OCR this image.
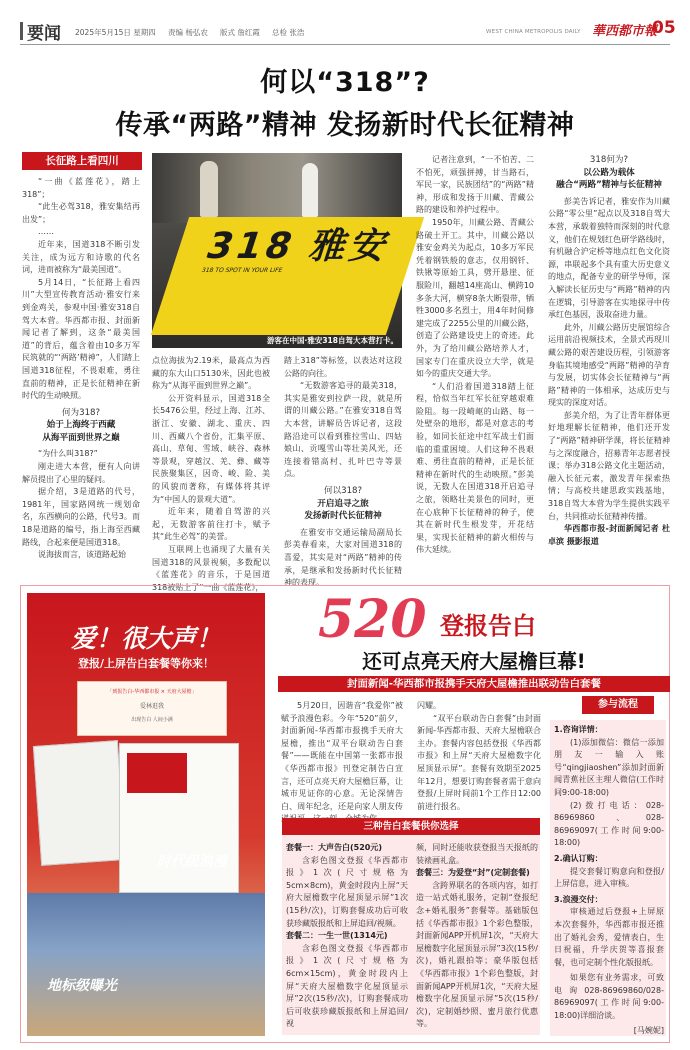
要闻 2025年5月15日 星期四 责编 杨弘农 版式 詹红霞 总检 张浩	WEST CHINA METROPOLIS DAILY 華西都市報
05
何以“318”?
传承“两路”精神 发扬新时代长征精神
长征路上看四川

“一曲《蓝莲花》，踏上318”；

“此生必驾318，雅安集结再出发”；

……

近年来，国道318不断引发关注，成为远方和诗歌的代名词，进而被称为“最美国道”。

5月14日，“长征路上看四川”大型宣传教育活动·雅安行来到金鸡关，参观中国·雅安318自驾大本营。华西都市报、封面新闻记者了解到，这条“最美国道”的背后，蕴含着由10多万军民筑就的“‘两路’精神”，人们踏上国道318征程，不畏艰难，勇往直前的精神，正是长征精神在新时代的生动映照。

何为318?
始于上海终于西藏
从海平面到世界之巅

“为什么叫318?”

刚走进大本营，便有人向讲解员提出了心里的疑问。

据介绍，3是道路的代号，1981年，国家路网统一规划命名，东西横向的公路，代号3。而18是道路的编号，指上海至西藏路线，合起来便是国道318。

说海拔而言，该道路起始

318 雅安
318 TO SPOT IN YOUR LIFE
游客在中国·雅安318自驾大本营打卡。

点位海拔为2.19米，最高点为西藏的东大山口5130米，因此也被称为“从海平面到世界之巅”。

公开资料显示，国道318全长5476公里，经过上海、江苏、浙江、安徽、湖北、重庆、四川、西藏八个省份，汇集平原、高山、草甸、雪域、峡谷、森林等景观，穿越汉、羌、彝、藏等民族聚集区，因奇、峻、险、美的风貌而著称，有媒体将其评为“中国人的景观大道”。

近年来，随着自驾游的兴起，无数游客前往打卡，赋予其“此生必驾”的美誉。

互联网上也涌现了大量有关国道318的风景视频，多数配以《蓝莲花》的音乐，于是国道318被贴上了“一曲《蓝莲花》，

踏上318”等标签，以表达对这段公路的向往。

“无数游客追寻的最美318，其实是雅安到拉萨一段，就是所谓的川藏公路。”在雅安318自驾大本营，讲解员告诉记者，这段路沿途可以看到雅拉雪山、四姑娘山、贡嘎雪山等壮美风光，还连接着错高村、扎叶巴寺等景点。

何以318?
开启追寻之旅
发扬新时代长征精神

在雅安市交通运输局副局长彭美春看来，大家对国道318的喜爱，其实是对“两路”精神的传承，是继承和发扬新时代长征精神的表现。

记者注意到，“一不怕苦、二不怕死，顽强拼搏，甘当路石，军民一家，民族团结”的“两路”精神，形成和发扬于川藏、青藏公路的建设和养护过程中。

1950年，川藏公路、青藏公路破土开工。其中，川藏公路以雅安金鸡关为起点，10多万军民凭着钢铁般的意志，仅用钢钎、铁锹等原始工具，劈开悬崖、征服险川，翻越14座高山、横跨10多条大河，横穿8条大断裂带，牺牲3000多名烈士，用4年时间修建完成了2255公里的川藏公路，创造了公路建设史上的奇迹。此外，为了给川藏公路培养人才，国家专门在重庆设立大学，就是如今的重庆交通大学。

“人们沿着国道318踏上征程，恰似当年红军长征穿越艰难险阻。每一段崎岖的山路、每一处壁杂的地形，都是对意志的考验，如同长征途中红军战士们面临的重重困境。人们这种不畏艰难、勇往直前的精神，正是长征精神在新时代的生动映照。”彭美说，无数人在国道318开启追寻之旅，领略壮美景色的同时，更在心底种下长征精神的种子，使其在新时代生根发芽，开花结果，实现长征精神的薪火相传与伟大延续。

318何为?
以公路为载体
融合“两路”精神与长征精神

彭美告诉记者，雅安作为川藏公路“零公里”起点以及318自驾大本营，承载着独特而深刻的时代意义，他们在规划红色研学路线时，有机融合沪定桥等地点红色文化资源，串联起多个具有重大历史意义的地点，配备专业的研学导师，深入解读长征历史与“两路”精神的内在逻辑，引导游客在实地探寻中传承红色基因，汲取奋进力量。

此外，川藏公路历史展馆综合运用前沿视频技术，全景式再现川藏公路的艰苦建设历程，引领游客身临其境地感受“两路”精神的孕育与发展，切实体会长征精神与“两路”精神的一体相承，达成历史与现实的深度对话。

彭美介绍，为了让青年群体更好地理解长征精神，他们还开发了“两路”精神研学课，将长征精神与之深度融合，招募青年志愿者授课；举办318公路文化主题活动，融入长征元素，激发青年探索热情；与高校共建思政实践基地，318自驾大本营为学生提供实践平台，共同推动长征精神传播。

华西都市报-封面新闻记者 杜卓滨 摄影报道

爱！很大声！
登报/上屏告白套餐等你来！
「到报告白-华西都市报 × 天府大屋檐」
爱林逛我
出现告白 人间小满
时代级浪漫
地标级曝光
520 登报告白
还可点亮天府大屋檐巨幕!
封面新闻-华西都市报携手天府大屋檐推出联动告白套餐

5月20日，因谐音“我爱你”被赋予浪漫色彩。今年“520”前夕，封面新闻-华西都市报携手天府大屋檐，推出“双平台联动告白套餐”——既能在中国第一张都市报《华西都市报》刊登定制告白宣言，还可点亮天府大屋檐巨幕，让城市见证你的心意。无论深情告白、周年纪念，还是向家人朋友传

闪耀。

“双平台联动告白套餐”由封面新闻-华西都市报、天府大屋檐联合主办。套餐内容包括登报《华西都市报》和上屏“天府大屋檐数字化屋顶显示屏”。套餐有效期至2025年12月，想要订购套餐者需于意向登报/上屏时间前1个工作日12:00前进行报名。

三种告白套餐供你选择
套餐一：大声告白(520元)

含彩色图文登报《华西都市报》1次(尺寸规格为5cm×8cm)，黄金时段内上屏“天府大屋檐数字化屋顶显示屏”1次(15秒/次)，订购套餐成功后可收获珍藏版报纸和上屏追回/视频。

套餐二：一生一世(1314元)

含彩色图文登报《华西都市报》1次(尺寸规格为6cm×15cm)，黄金时段内上屏“天府大屋檐数字化屋顶显示屏”2次(15秒/次)，订购套餐成功后可收获珍藏版报纸和上屏追回/视

频，同时还能收获登报当天报纸的装裱画礼盒。

套餐三：为爱登“封”(定制套餐)

含跨界联名的各项内容，如打造一站式婚礼服务，定制“登报纪念+婚礼服务”套餐等。基础版包括《华西都市报》1个彩色整版，封面新闻APP开机屏1次，“天府大屋檐数字化屋顶显示屏”3次(15秒/次)，婚礼跟拍等；豪华版包括《华西都市报》1个彩色整版，封面新闻APP开机屏1次，“天府大屋檐数字化屋顶显示屏”5次(15秒/次)，定制婚纱照、蜜月旅行优惠等。

参与流程
1.咨询详情：

(1)添加微信：微信一添加朋友一输入账号“qingjiaoshen”添加封面新闻青蕉社区主理人微信(工作时间9:00-18:00)

(2)拨打电话：028-86969860、028-86969097(工作时间9:00-18:00)

2.确认订购：

提交套餐订购意向和登报/上屏信息，进入审核。

3.浪漫交付：

审核通过后登报+上屏原本次套餐外，华西都市报还推出了婚礼会秀，爱情表白，生日祝福，升学庆贺等喜报套餐，也可定制个性化版报纸。

如果您有业务需求，可致电询028-86969860/028-86969097(工作时间9:00-18:00)详细洽谈。

[马婉妮]
